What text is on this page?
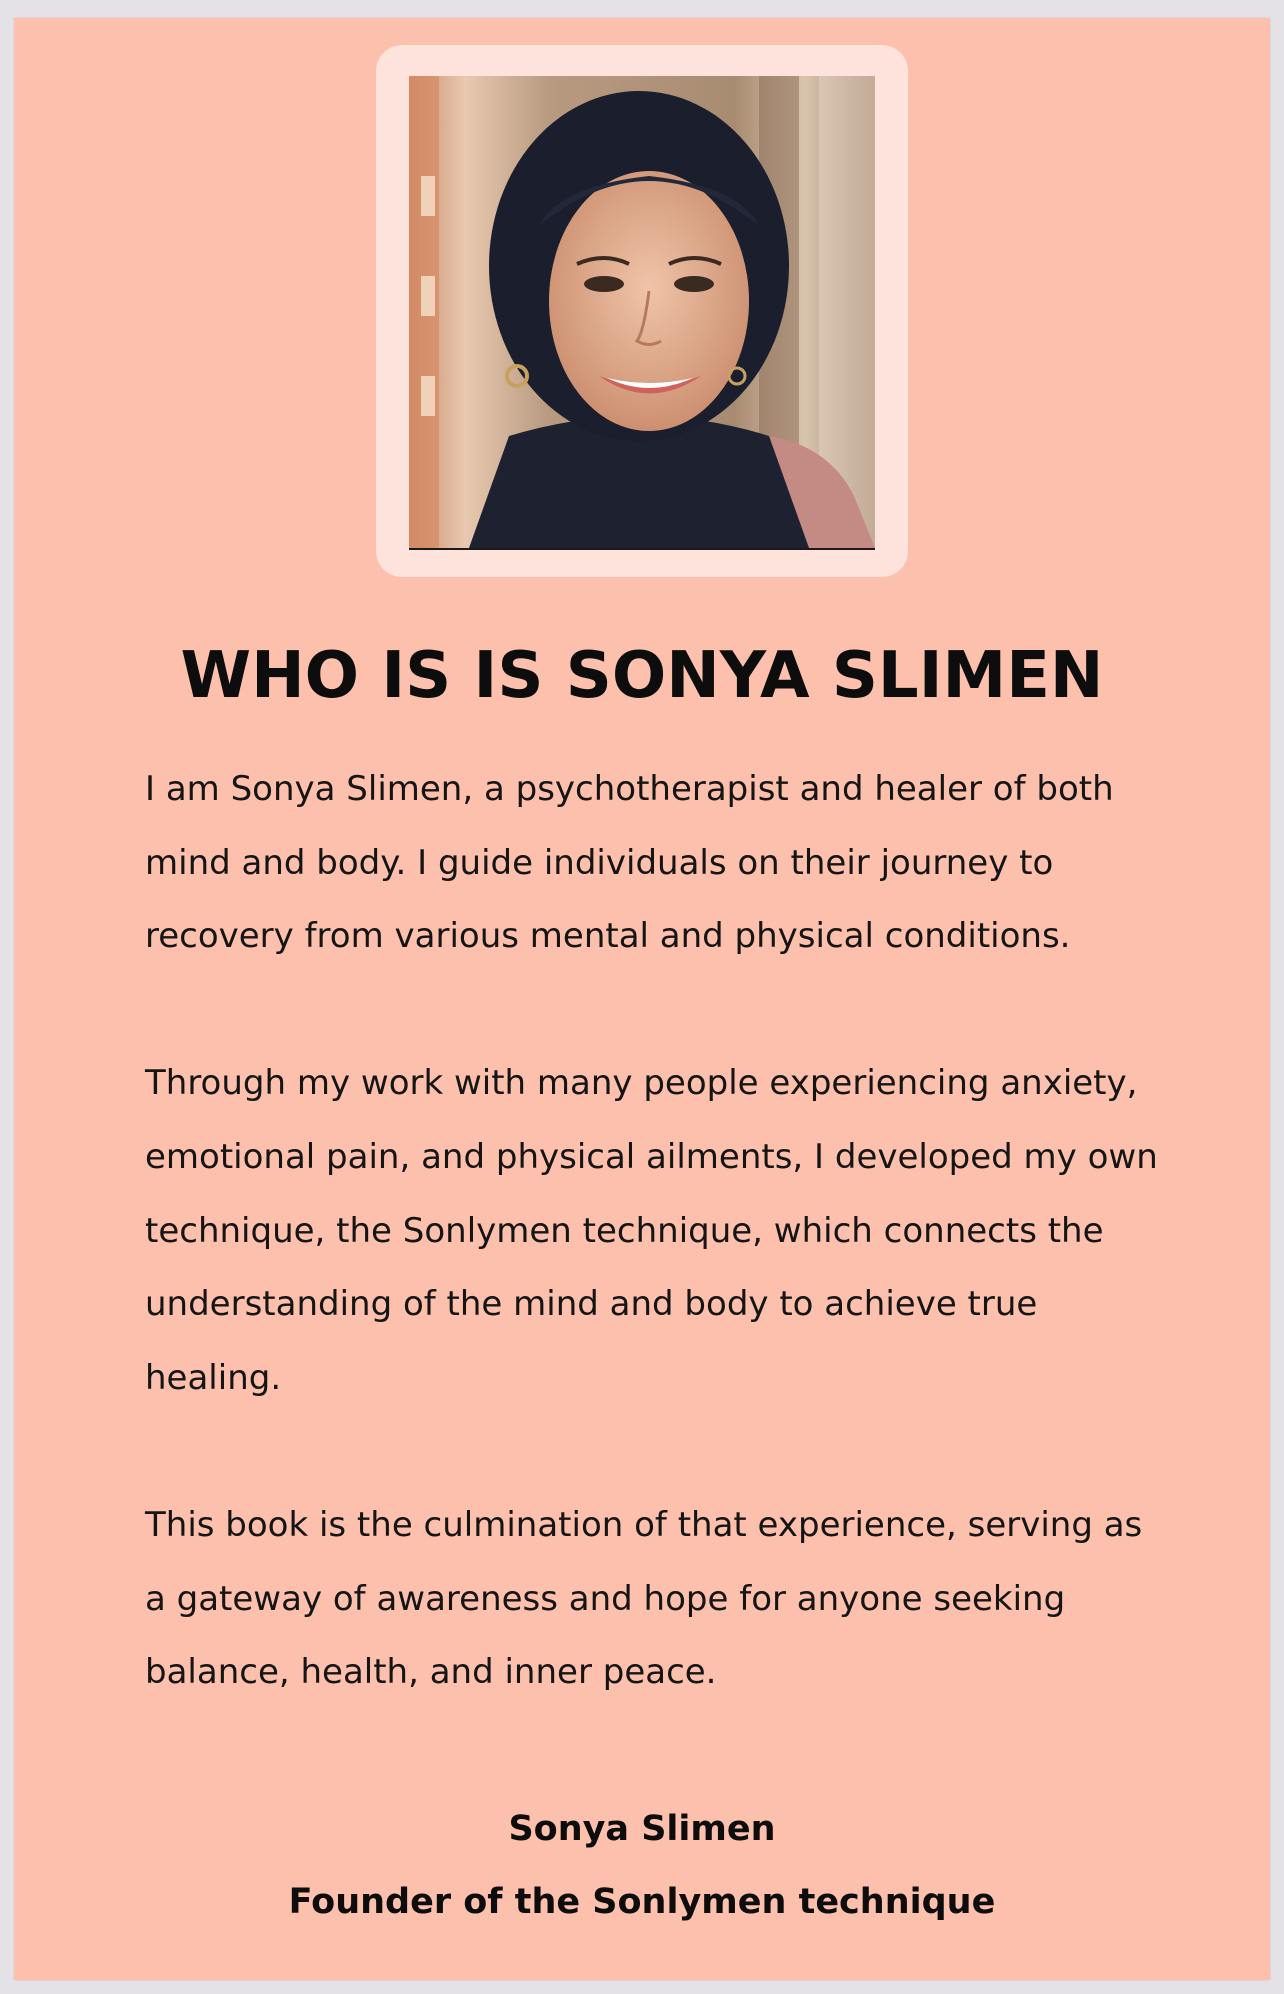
WHO IS IS SONYA SLIMEN

I am Sonya Slimen, a psychotherapist and healer of both mind and body. I guide individuals on their journey to recovery from various mental and physical conditions.

Through my work with many people experiencing anxiety, emotional pain, and physical ailments, I developed my own technique, the Sonlymen technique, which connects the understanding of the mind and body to achieve true healing.

This book is the culmination of that experience, serving as a gateway of awareness and hope for anyone seeking balance, health, and inner peace.

Sonya Slimen
Founder of the Sonlymen technique
